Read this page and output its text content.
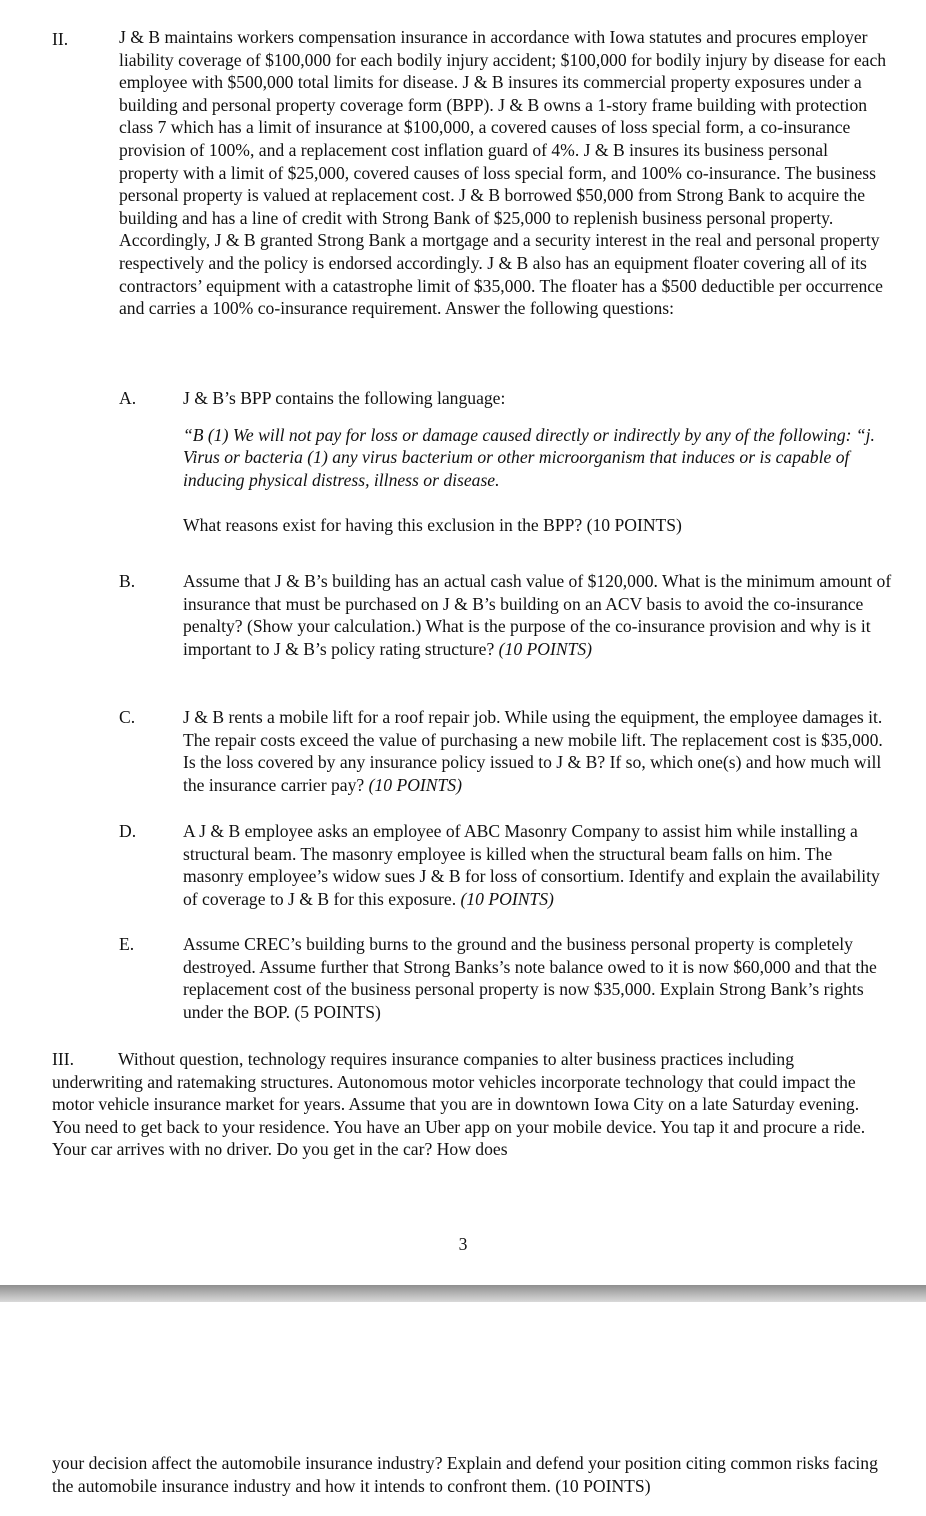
II.	J & B maintains workers compensation insurance in accordance with Iowa statutes and procures employer liability coverage of $100,000 for each bodily injury accident; $100,000 for bodily injury by disease for each employee with $500,000 total limits for disease. J & B insures its commercial property exposures under a building and personal property coverage form (BPP). J & B owns a 1-story frame building with protection class 7 which has a limit of insurance at $100,000, a covered causes of loss special form, a co-insurance provision of 100%, and a replacement cost inflation guard of 4%. J & B insures its business personal property with a limit of $25,000, covered causes of loss special form, and 100% co-insurance. The business personal property is valued at replacement cost. J & B borrowed $50,000 from Strong Bank to acquire the building and has a line of credit with Strong Bank of $25,000 to replenish business personal property. Accordingly, J & B granted Strong Bank a mortgage and a security interest in the real and personal property respectively and the policy is endorsed accordingly. J & B also has an equipment floater covering all of its contractors’ equipment with a catastrophe limit of $35,000. The floater has a $500 deductible per occurrence and carries a 100% co-insurance requirement. Answer the following questions:
A.	J & B’s BPP contains the following language:
“B (1) We will not pay for loss or damage caused directly or indirectly by any of the following: “j. Virus or bacteria (1) any virus bacterium or other microorganism that induces or is capable of inducing physical distress, illness or disease.
What reasons exist for having this exclusion in the BPP? (10 POINTS)
B.	Assume that J & B’s building has an actual cash value of $120,000. What is the minimum amount of insurance that must be purchased on J & B’s building on an ACV basis to avoid the co-insurance penalty? (Show your calculation.) What is the purpose of the co-insurance provision and why is it important to J & B’s policy rating structure? (10 POINTS)
C.	J & B rents a mobile lift for a roof repair job. While using the equipment, the employee damages it. The repair costs exceed the value of purchasing a new mobile lift. The replacement cost is $35,000. Is the loss covered by any insurance policy issued to J & B? If so, which one(s) and how much will the insurance carrier pay? (10 POINTS)
D.	A J & B employee asks an employee of ABC Masonry Company to assist him while installing a structural beam. The masonry employee is killed when the structural beam falls on him. The masonry employee’s widow sues J & B for loss of consortium. Identify and explain the availability of coverage to J & B for this exposure. (10 POINTS)
E.	Assume CREC’s building burns to the ground and the business personal property is completely destroyed. Assume further that Strong Banks’s note balance owed to it is now $60,000 and that the replacement cost of the business personal property is now $35,000. Explain Strong Bank’s rights under the BOP. (5 POINTS)
III.	Without question, technology requires insurance companies to alter business practices including underwriting and ratemaking structures. Autonomous motor vehicles incorporate technology that could impact the motor vehicle insurance market for years. Assume that you are in downtown Iowa City on a late Saturday evening. You need to get back to your residence. You have an Uber app on your mobile device. You tap it and procure a ride. Your car arrives with no driver. Do you get in the car? How does
3
your decision affect the automobile insurance industry? Explain and defend your position citing common risks facing the automobile insurance industry and how it intends to confront them. (10 POINTS)
